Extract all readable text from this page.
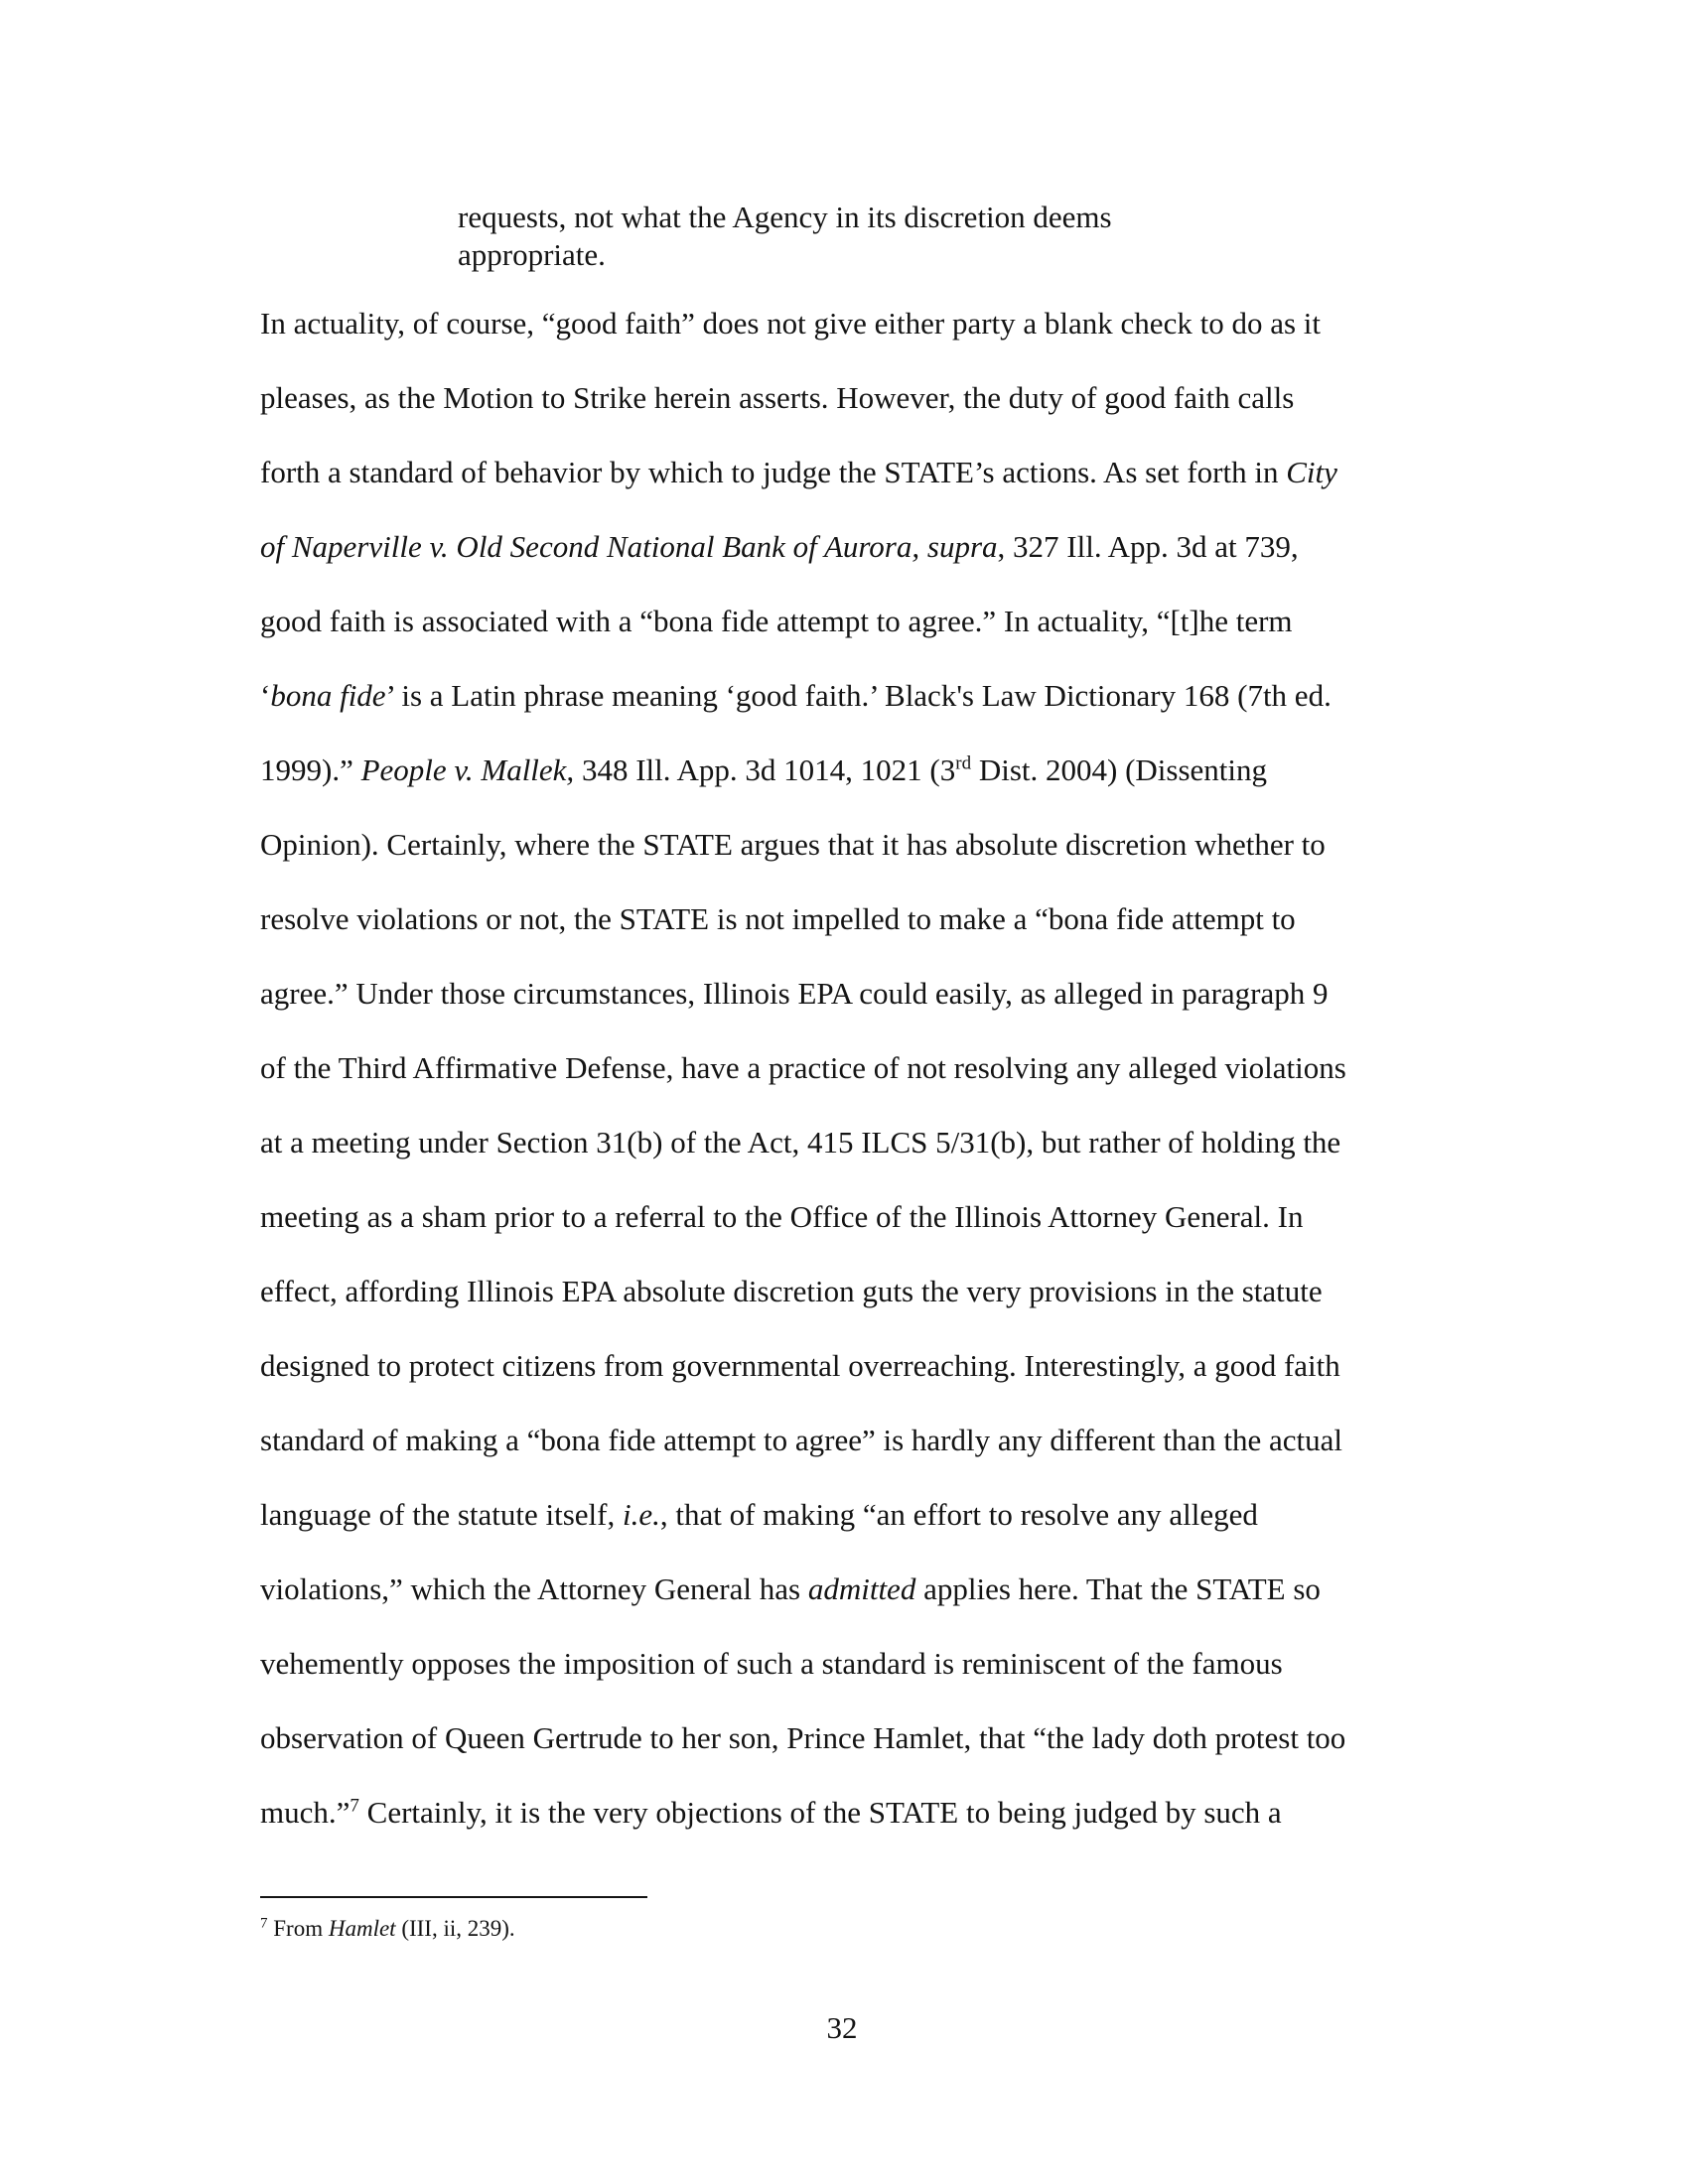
requests, not what the Agency in its discretion deems
appropriate.
In actuality, of course, “good faith” does not give either party a blank check to do as it
pleases, as the Motion to Strike herein asserts. However, the duty of good faith calls
forth a standard of behavior by which to judge the STATE’s actions. As set forth in City
of Naperville v. Old Second National Bank of Aurora, supra, 327 Ill. App. 3d at 739,
good faith is associated with a “bona fide attempt to agree.” In actuality, “[t]he term
‘bona fide’ is a Latin phrase meaning ‘good faith.’ Black's Law Dictionary 168 (7th ed.
1999).” People v. Mallek, 348 Ill. App. 3d 1014, 1021 (3rd Dist. 2004) (Dissenting
Opinion). Certainly, where the STATE argues that it has absolute discretion whether to
resolve violations or not, the STATE is not impelled to make a “bona fide attempt to
agree.” Under those circumstances, Illinois EPA could easily, as alleged in paragraph 9
of the Third Affirmative Defense, have a practice of not resolving any alleged violations
at a meeting under Section 31(b) of the Act, 415 ILCS 5/31(b), but rather of holding the
meeting as a sham prior to a referral to the Office of the Illinois Attorney General. In
effect, affording Illinois EPA absolute discretion guts the very provisions in the statute
designed to protect citizens from governmental overreaching. Interestingly, a good faith
standard of making a “bona fide attempt to agree” is hardly any different than the actual
language of the statute itself, i.e., that of making “an effort to resolve any alleged
violations,” which the Attorney General has admitted applies here. That the STATE so
vehemently opposes the imposition of such a standard is reminiscent of the famous
observation of Queen Gertrude to her son, Prince Hamlet, that “the lady doth protest too
much.”$^7$ Certainly, it is the very objections of the STATE to being judged by such a
$^7$ From Hamlet (III, ii, 239).
32
